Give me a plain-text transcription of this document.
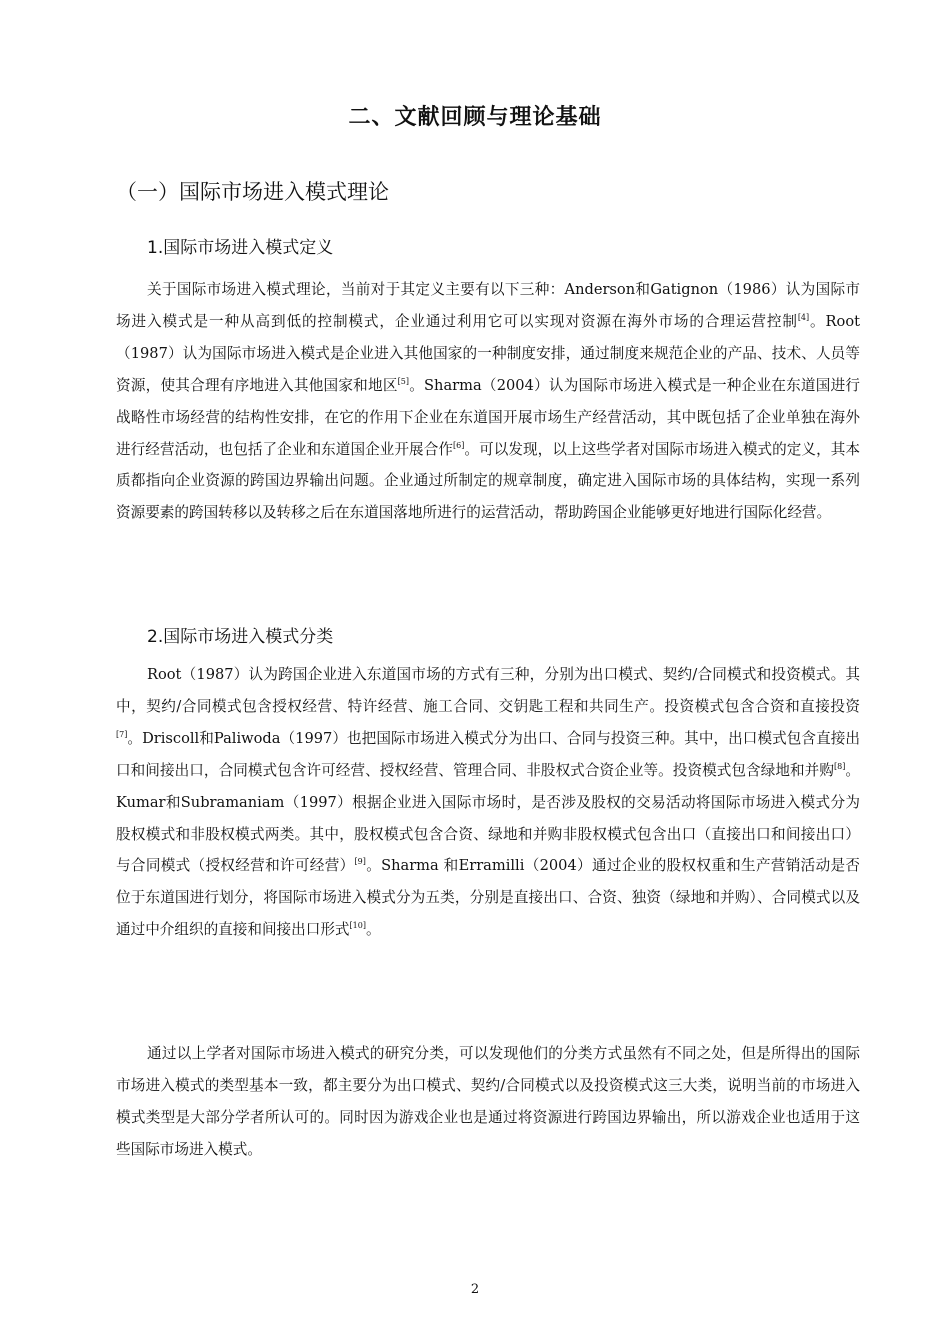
二、文献回顾与理论基础
（一）国际市场进入模式理论
1.国际市场进入模式定义

关于国际市场进入模式理论，当前对于其定义主要有以下三种：Anderson和Gatignon（1986）认为国际市场进入模式是一种从高到低的控制模式，企业通过利用它可以实现对资源在海外市场的合理运营控制[4]。Root（1987）认为国际市场进入模式是企业进入其他国家的一种制度安排，通过制度来规范企业的产品、技术、人员等资源，使其合理有序地进入其他国家和地区[5]。Sharma（2004）认为国际市场进入模式是一种企业在东道国进行战略性市场经营的结构性安排，在它的作用下企业在东道国开展市场生产经营活动，其中既包括了企业单独在海外进行经营活动，也包括了企业和东道国企业开展合作[6]。可以发现，以上这些学者对国际市场进入模式的定义，其本质都指向企业资源的跨国边界输出问题。企业通过所制定的规章制度，确定进入国际市场的具体结构，实现一系列资源要素的跨国转移以及转移之后在东道国落地所进行的运营活动，帮助跨国企业能够更好地进行国际化经营。

2.国际市场进入模式分类

Root（1987）认为跨国企业进入东道国市场的方式有三种，分别为出口模式、契约/合同模式和投资模式。其中，契约/合同模式包含授权经营、特许经营、施工合同、交钥匙工程和共同生产。投资模式包含合资和直接投资[7]。Driscoll和Paliwoda（1997）也把国际市场进入模式分为出口、合同与投资三种。其中，出口模式包含直接出口和间接出口，合同模式包含许可经营、授权经营、管理合同、非股权式合资企业等。投资模式包含绿地和并购[8]。Kumar和Subramaniam（1997）根据企业进入国际市场时，是否涉及股权的交易活动将国际市场进入模式分为股权模式和非股权模式两类。其中，股权模式包含合资、绿地和并购非股权模式包含出口（直接出口和间接出口）与合同模式（授权经营和许可经营）[9]。Sharma 和Erramilli（2004）通过企业的股权权重和生产营销活动是否位于东道国进行划分，将国际市场进入模式分为五类，分别是直接出口、合资、独资（绿地和并购）、合同模式以及通过中介组织的直接和间接出口形式[10]。

通过以上学者对国际市场进入模式的研究分类，可以发现他们的分类方式虽然有不同之处，但是所得出的国际市场进入模式的类型基本一致，都主要分为出口模式、契约/合同模式以及投资模式这三大类，说明当前的市场进入模式类型是大部分学者所认可的。同时因为游戏企业也是通过将资源进行跨国边界输出，所以游戏企业也适用于这些国际市场进入模式。

2
